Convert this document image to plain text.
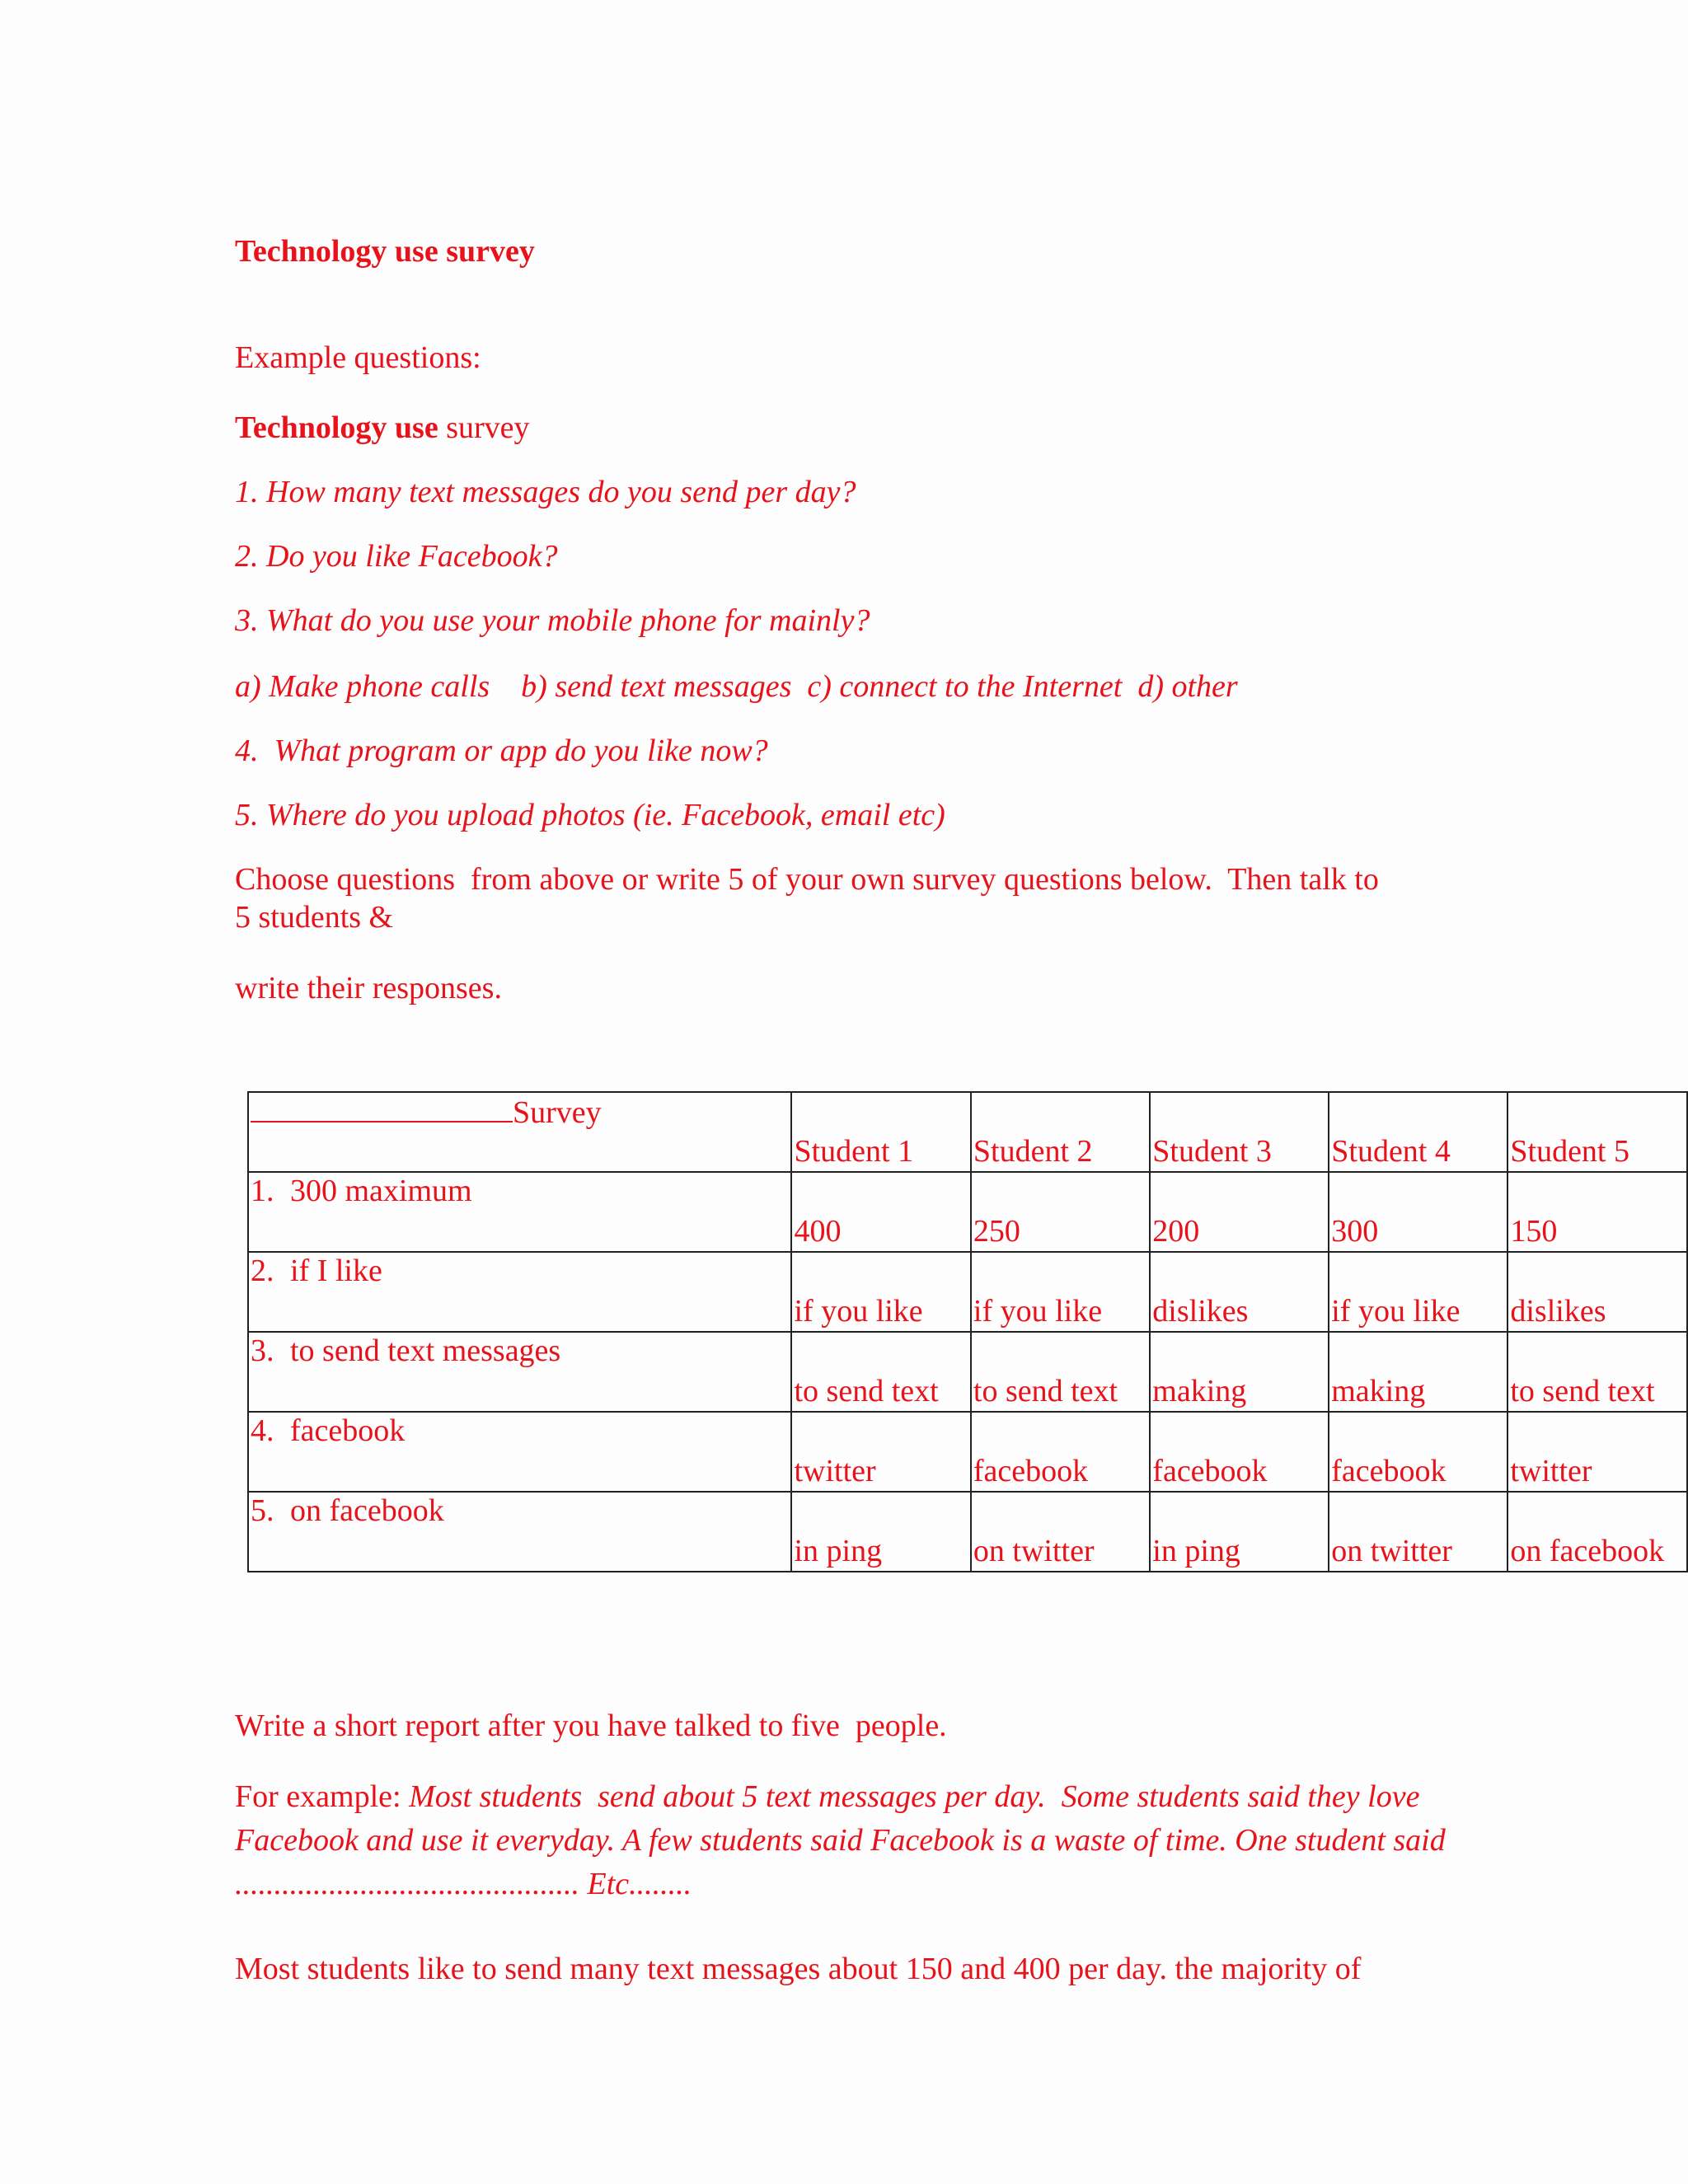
Technology use survey
Example questions:
Technology use survey
1. How many text messages do you send per day?
2. Do you like Facebook?
3. What do you use your mobile phone for mainly?
a) Make phone calls    b) send text messages  c) connect to the Internet  d) other
4.  What program or app do you like now?
5. Where do you upload photos (ie. Facebook, email etc)
Choose questions  from above or write 5 of your own survey questions below.  Then talk to
5 students &
write their responses.
Survey	Student 1	Student 2	Student 3	Student 4	Student 5
1. 300 maximum	400	250	200	300	150
2. if I like	if you like	if you like	dislikes	if you like	dislikes
3. to send text messages	to send text	to send text	making	making	to send text
4. facebook	twitter	facebook	facebook	facebook	twitter
5. on facebook	in ping	on twitter	in ping	on twitter	on facebook
Write a short report after you have talked to five  people.
For example: Most students  send about 5 text messages per day.  Some students said they love Facebook and use it everyday. A few students said Facebook is a waste of time. One student said ............................................ Etc........
Most students like to send many text messages about 150 and 400 per day. the majority of
